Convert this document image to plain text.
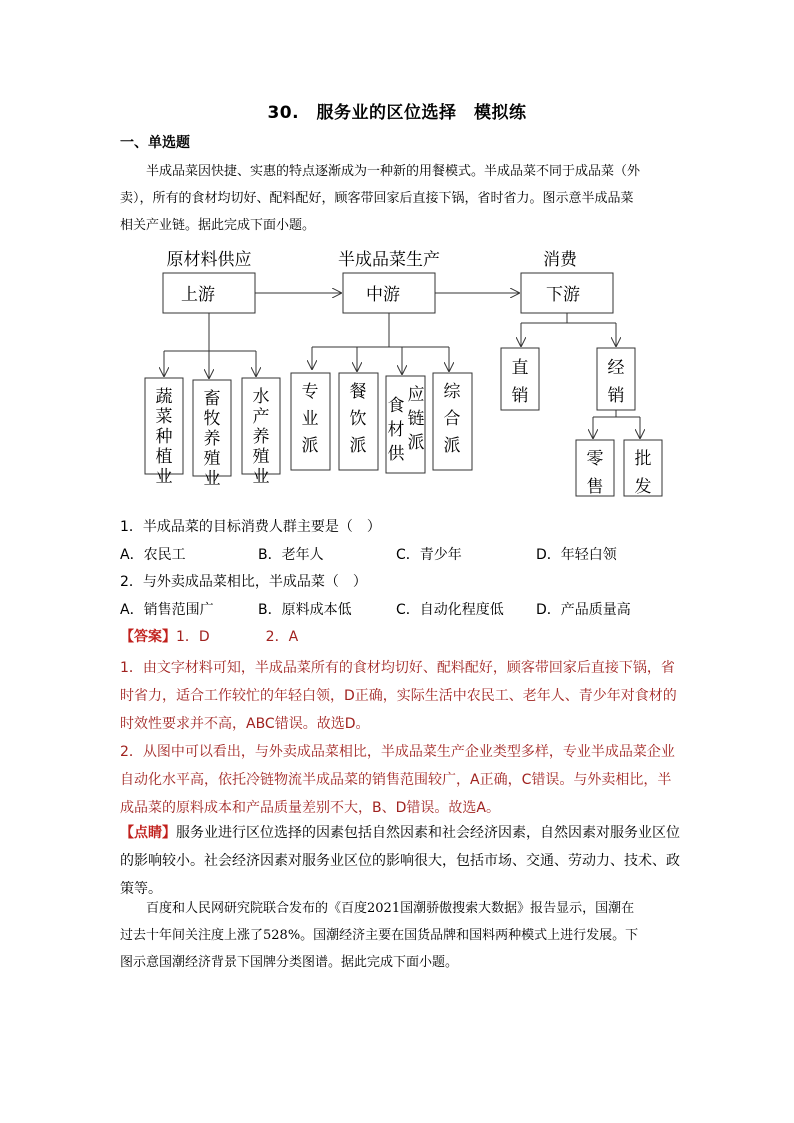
30.　服务业的区位选择　模拟练
一、单选题
半成品菜因快捷、实惠的特点逐渐成为一种新的用餐模式。半成品菜不同于成品菜（外
卖），所有的食材均切好、配料配好，顾客带回家后直接下锅，省时省力。图示意半成品菜
相关产业链。据此完成下面小题。
原材料供应	半成品菜生产	消费
上游	中游	下游
蔬
菜
种
植
业
畜
牧
养
殖
业
水
产
养
殖
业
专
业
派
餐
饮
派
应
链
派
食
材
供
综
合
派
直
销
经
销
零
售
批
发
1．半成品菜的目标消费人群主要是（　）
A．农民工	B．老年人	C．青少年	D．年轻白领
2．与外卖成品菜相比，半成品菜（　）
A．销售范围广	B．原料成本低	C．自动化程度低 D．产品质量高
【答案】1．D　　　　2．A
1．由文字材料可知，半成品菜所有的食材均切好、配料配好，顾客带回家后直接下锅，省
时省力，适合工作较忙的年轻白领，D正确，实际生活中农民工、老年人、青少年对食材的
时效性要求并不高，ABC错误。故选D。
2．从图中可以看出，与外卖成品菜相比，半成品菜生产企业类型多样，专业半成品菜企业
自动化水平高，依托冷链物流半成品菜的销售范围较广，A正确，C错误。与外卖相比，半
成品菜的原料成本和产品质量差别不大，B、D错误。故选A。
【点睛】服务业进行区位选择的因素包括自然因素和社会经济因素，自然因素对服务业区位
的影响较小。社会经济因素对服务业区位的影响很大，包括市场、交通、劳动力、技术、政
策等。
百度和人民网研究院联合发布的《百度2021国潮骄傲搜索大数据》报告显示，国潮在
过去十年间关注度上涨了528%。国潮经济主要在国货品牌和国料两种模式上进行发展。下
图示意国潮经济背景下国牌分类图谱。据此完成下面小题。
